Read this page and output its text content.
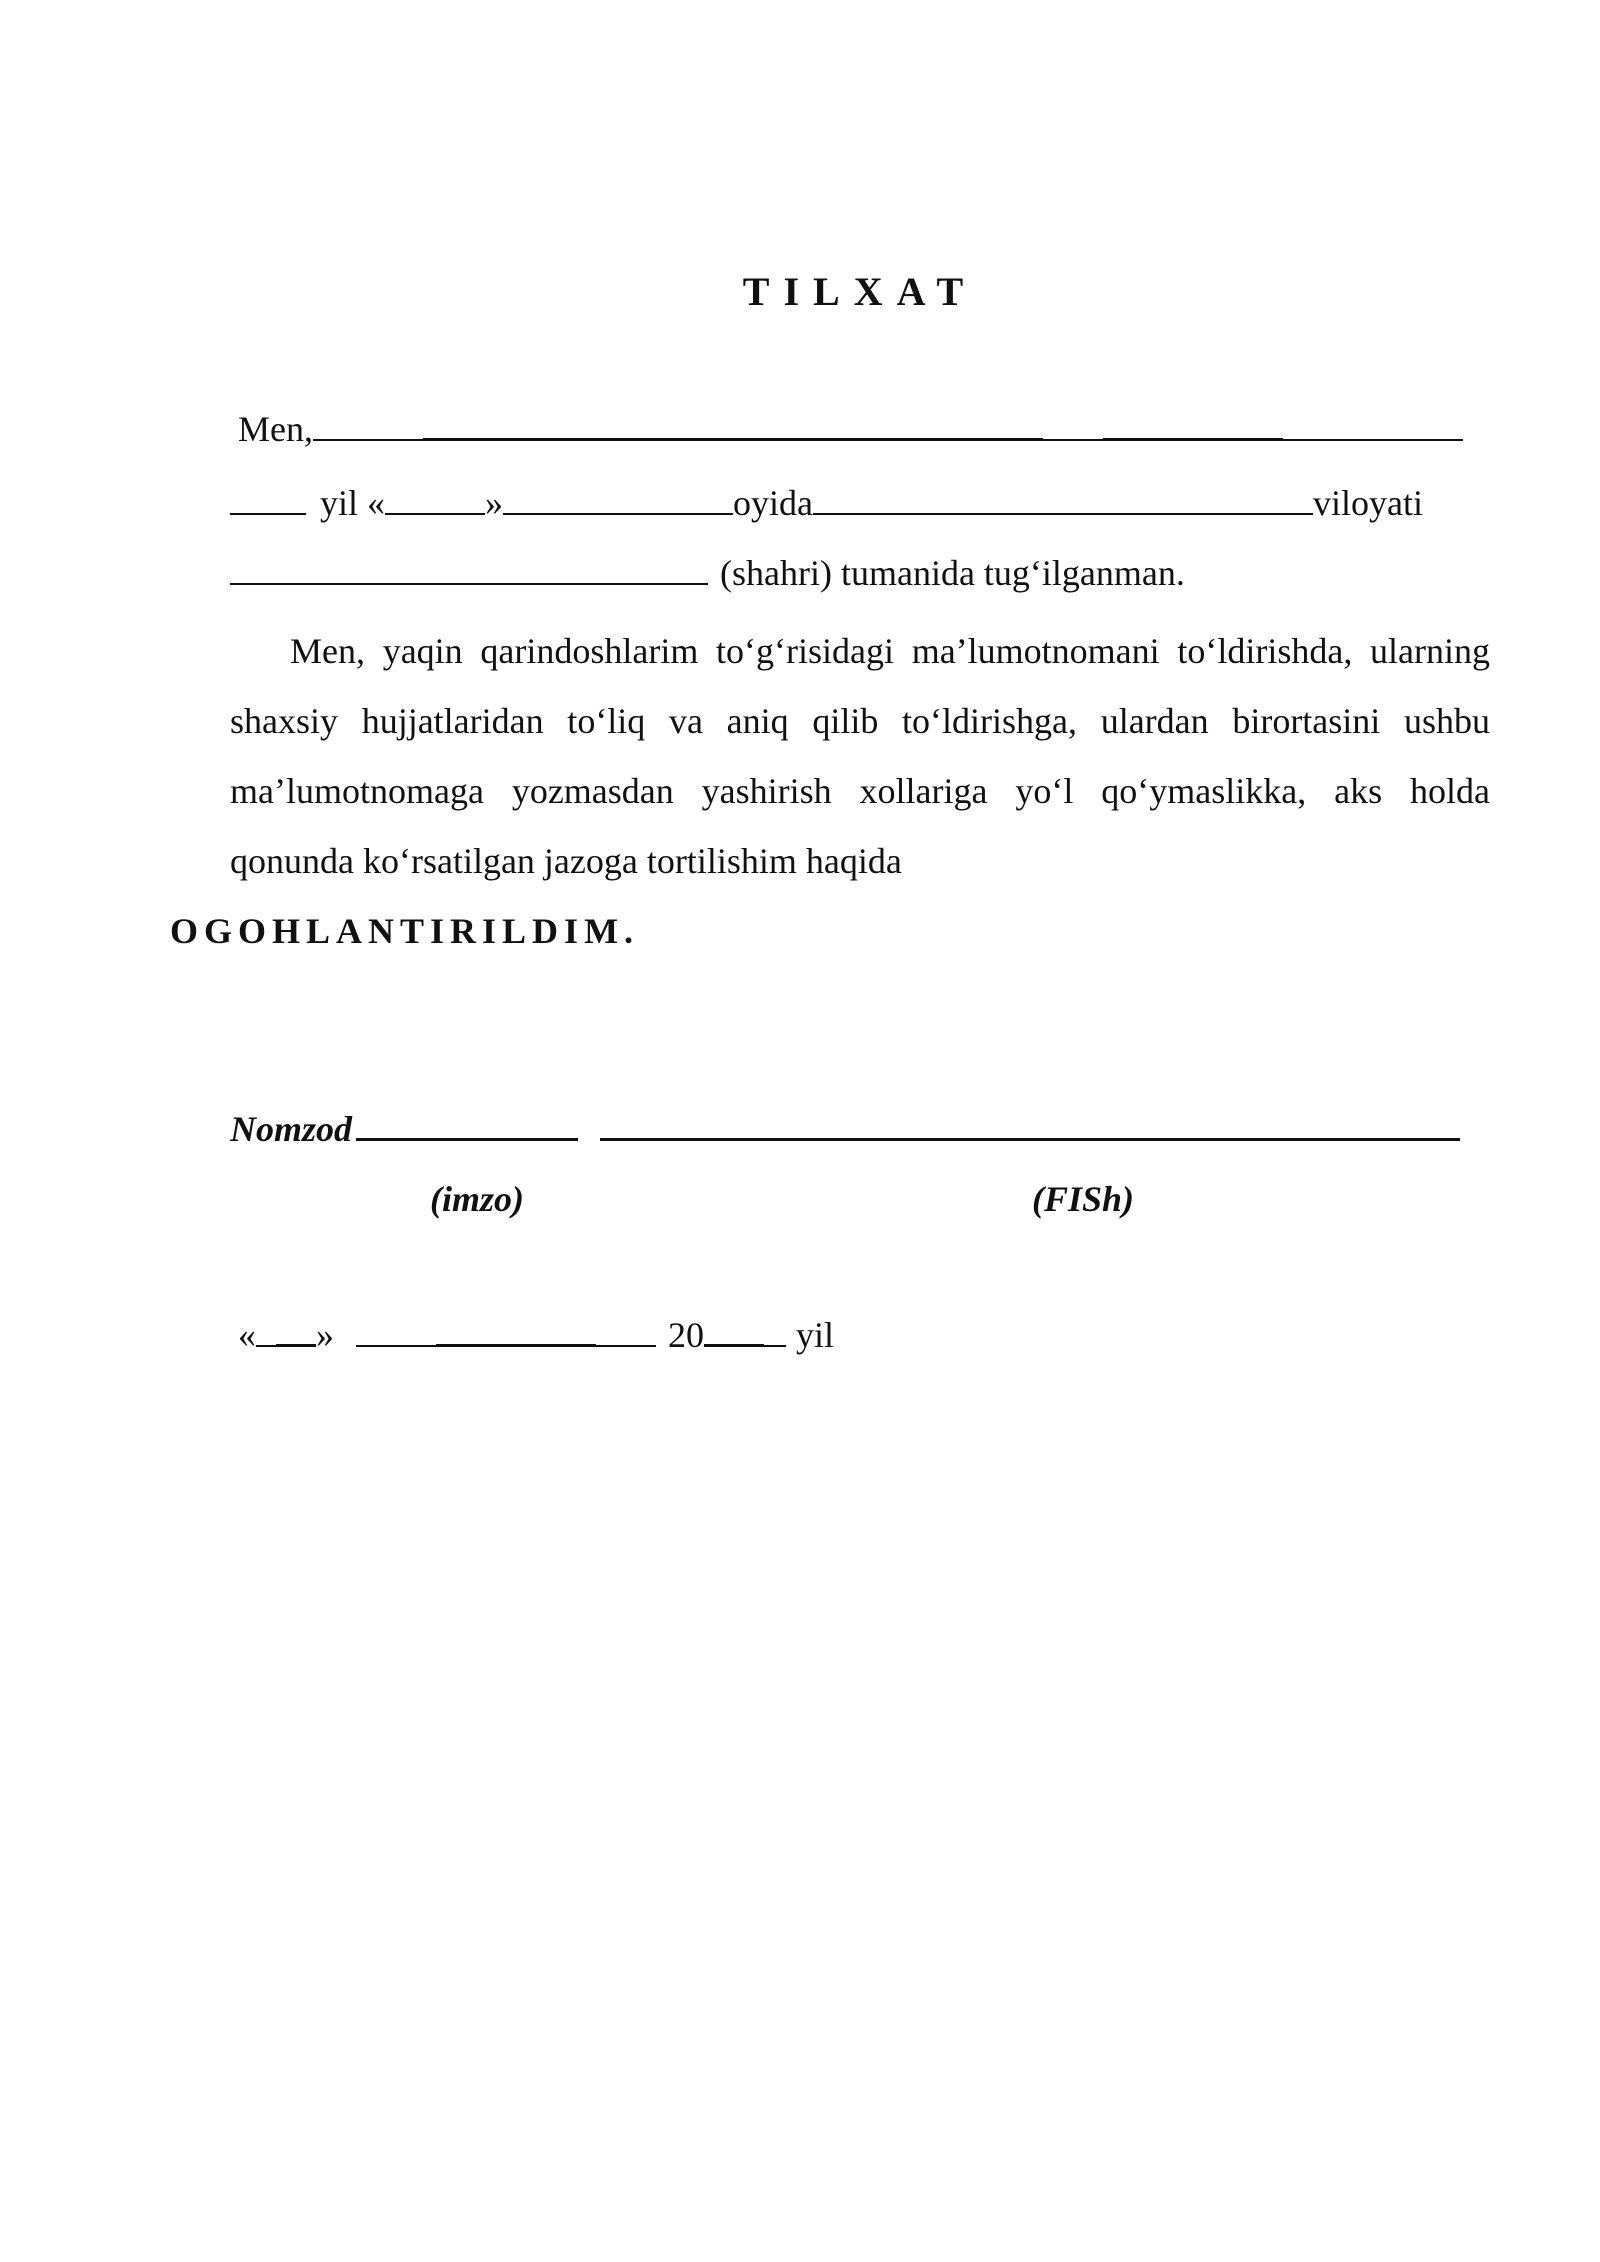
TILXAT
Men,
yil «	»	oyida	viloyati
(shahri) tumanida tug‘ilganman.
Men, yaqin qarindoshlarim to‘g‘risidagi ma’lumotnomani to‘ldirishda, ularning shaxsiy hujjatlaridan to‘liq va aniq qilib to‘ldirishga, ulardan birortasini ushbu ma’lumotnomaga yozmasdan yashirish xollariga yo‘l qo‘ymaslikka, aks holda qonunda ko‘rsatilgan jazoga tortilishim haqida
OGOHLANTIRILDIM.
Nomzod
(imzo)	(FISh)
« »	20	yil
